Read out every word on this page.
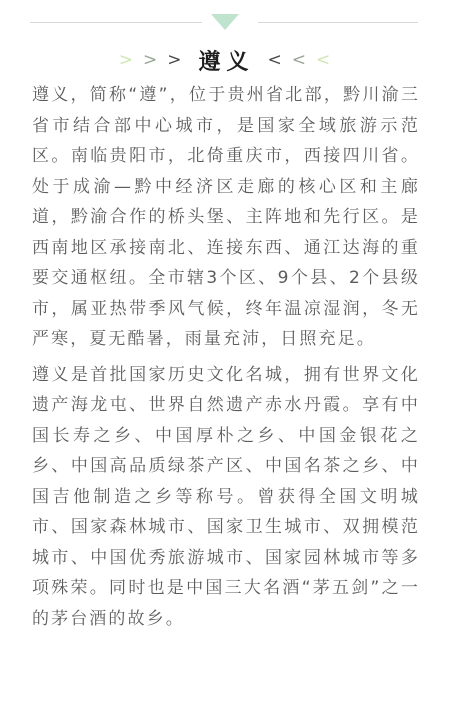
> > > 遵义 < < <

遵义，简称“遵”，位于贵州省北部，黔川渝三省市结合部中心城市，是国家全域旅游示范区。南临贵阳市，北倚重庆市，西接四川省。处于成渝—黔中经济区走廊的核心区和主廊道，黔渝合作的桥头堡、主阵地和先行区。是西南地区承接南北、连接东西、通江达海的重要交通枢纽。全市辖3个区、9个县、2个县级市，属亚热带季风气候，终年温凉湿润，冬无严寒，夏无酷暑，雨量充沛，日照充足。

遵义是首批国家历史文化名城，拥有世界文化遗产海龙屯、世界自然遗产赤水丹霞。享有中国长寿之乡、中国厚朴之乡、中国金银花之乡、中国高品质绿茶产区、中国名茶之乡、中国吉他制造之乡等称号。曾获得全国文明城市、国家森林城市、国家卫生城市、双拥模范城市、中国优秀旅游城市、国家园林城市等多项殊荣。同时也是中国三大名酒“茅五剑”之一的茅台酒的故乡。
